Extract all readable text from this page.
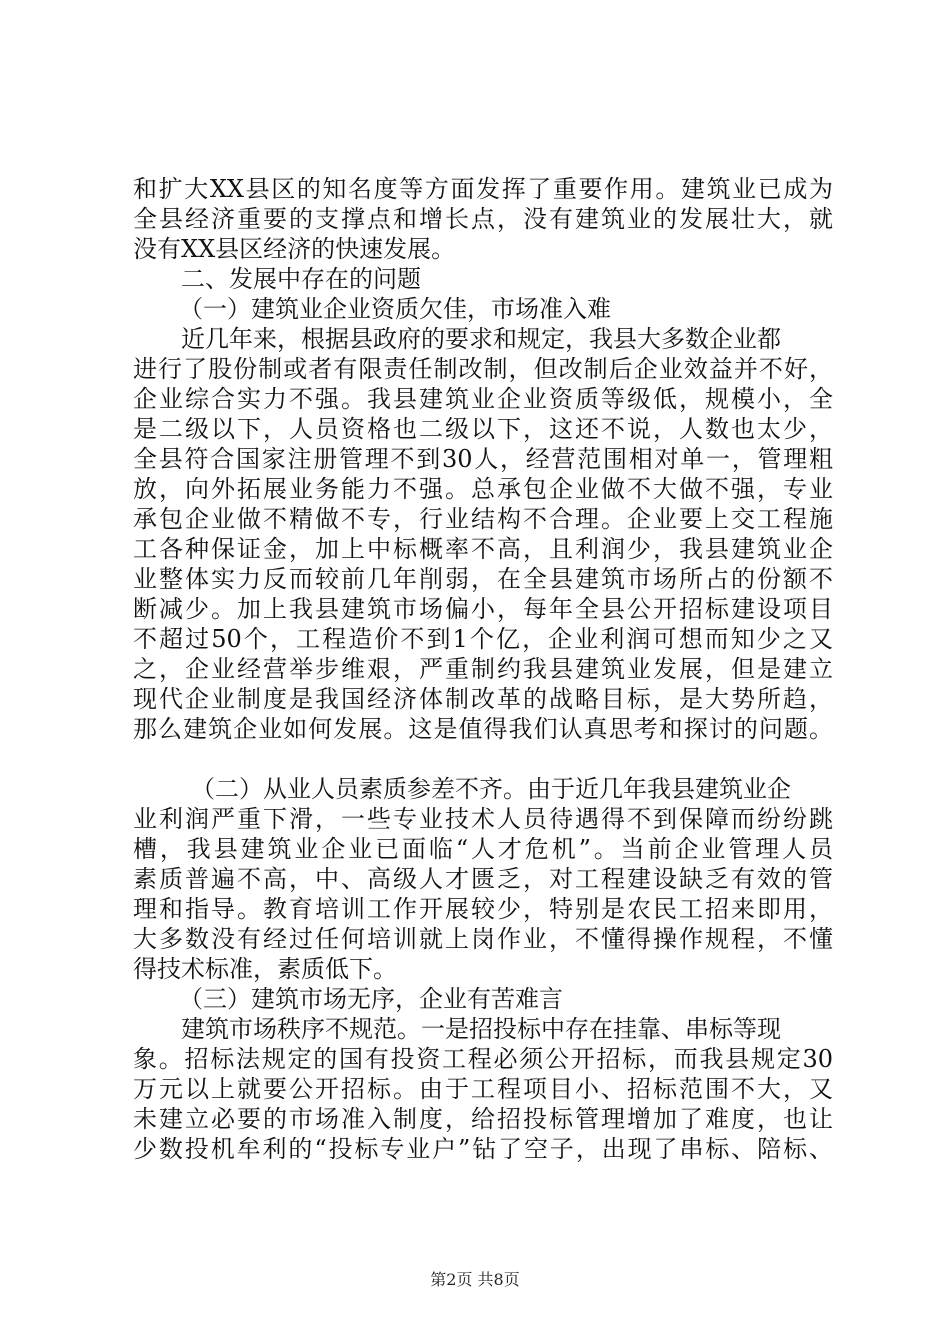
和扩大XX县区的知名度等方面发挥了重要作用。建筑业已成为
全县经济重要的支撑点和增长点，没有建筑业的发展壮大，就
没有XX县区经济的快速发展。
二、发展中存在的问题
（一）建筑业企业资质欠佳，市场准入难
近几年来，根据县政府的要求和规定，我县大多数企业都
进行了股份制或者有限责任制改制，但改制后企业效益并不好，
企业综合实力不强。我县建筑业企业资质等级低，规模小，全
是二级以下，人员资格也二级以下，这还不说，人数也太少，
全县符合国家注册管理不到30人，经营范围相对单一，管理粗
放，向外拓展业务能力不强。总承包企业做不大做不强，专业
承包企业做不精做不专，行业结构不合理。企业要上交工程施
工各种保证金，加上中标概率不高，且利润少，我县建筑业企
业整体实力反而较前几年削弱，在全县建筑市场所占的份额不
断减少。加上我县建筑市场偏小，每年全县公开招标建设项目
不超过50个，工程造价不到1个亿，企业利润可想而知少之又
之，企业经营举步维艰，严重制约我县建筑业发展，但是建立
现代企业制度是我国经济体制改革的战略目标，是大势所趋，
那么建筑企业如何发展。这是值得我们认真思考和探讨的问题。
（二）从业人员素质参差不齐。由于近几年我县建筑业企
业利润严重下滑，一些专业技术人员待遇得不到保障而纷纷跳
槽，我县建筑业企业已面临“人才危机”。当前企业管理人员
素质普遍不高，中、高级人才匮乏，对工程建设缺乏有效的管
理和指导。教育培训工作开展较少，特别是农民工招来即用，
大多数没有经过任何培训就上岗作业，不懂得操作规程，不懂
得技术标准，素质低下。
（三）建筑市场无序，企业有苦难言
建筑市场秩序不规范。一是招投标中存在挂靠、串标等现
象。招标法规定的国有投资工程必须公开招标，而我县规定30
万元以上就要公开招标。由于工程项目小、招标范围不大，又
未建立必要的市场准入制度，给招投标管理增加了难度，也让
少数投机牟利的“投标专业户”钻了空子，出现了串标、陪标、
第2页 共8页
